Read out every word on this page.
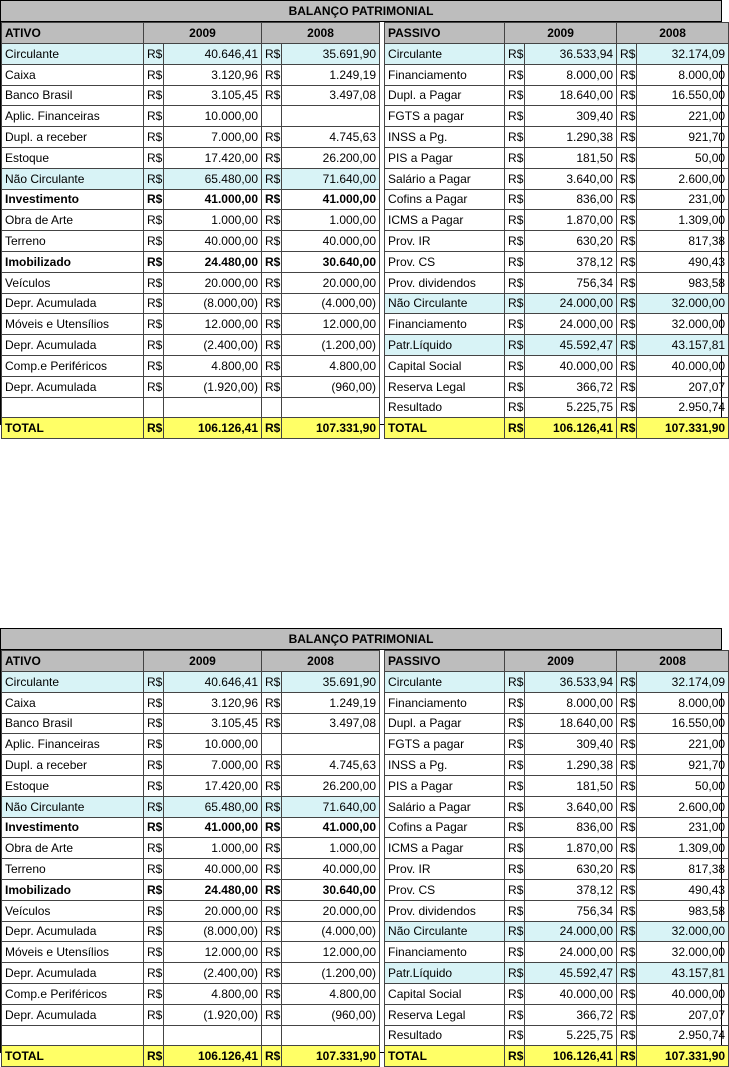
BALANÇO PATRIMONIAL
ATIVO	2009		2008	
Circulante	R$	40.646,41	R$	35.691,90
Caixa	R$	3.120,96	R$	1.249,19
Banco Brasil	R$	3.105,45	R$	3.497,08
Aplic. Financeiras	R$	10.000,00		
Dupl. a receber	R$	7.000,00	R$	4.745,63
Estoque	R$	17.420,00	R$	26.200,00
Não Circulante	R$	65.480,00	R$	71.640,00
Investimento	R$	41.000,00	R$	41.000,00
Obra de Arte	R$	1.000,00	R$	1.000,00
Terreno	R$	40.000,00	R$	40.000,00
Imobilizado	R$	24.480,00	R$	30.640,00
Veículos	R$	20.000,00	R$	20.000,00
Depr. Acumulada	R$	(8.000,00)	R$	(4.000,00)
Móveis e Utensílios	R$	12.000,00	R$	12.000,00
Depr. Acumulada	R$	(2.400,00)	R$	(1.200,00)
Comp.e Periféricos	R$	4.800,00	R$	4.800,00
Depr. Acumulada	R$	(1.920,00)	R$	(960,00)

TOTAL	R$	106.126,41	R$	107.331,90
PASSIVO	2009		2008	
Circulante	R$	36.533,94	R$	32.174,09
Financiamento	R$	8.000,00	R$	8.000,00
Dupl. a Pagar	R$	18.640,00	R$	16.550,00
FGTS a pagar	R$	309,40	R$	221,00
INSS a Pg.	R$	1.290,38	R$	921,70
PIS a Pagar	R$	181,50	R$	50,00
Salário a Pagar	R$	3.640,00	R$	2.600,00
Cofins a Pagar	R$	836,00	R$	231,00
ICMS a Pagar	R$	1.870,00	R$	1.309,00
Prov. IR	R$	630,20	R$	817,38
Prov. CS	R$	378,12	R$	490,43
Prov. dividendos	R$	756,34	R$	983,58
Não Circulante	R$	24.000,00	R$	32.000,00
Financiamento	R$	24.000,00	R$	32.000,00
Patr.Líquido	R$	45.592,47	R$	43.157,81
Capital Social	R$	40.000,00	R$	40.000,00
Reserva Legal	R$	366,72	R$	207,07
Resultado	R$	5.225,75	R$	2.950,74
TOTAL	R$	106.126,41	R$	107.331,90
BALANÇO PATRIMONIAL
ATIVO	2009		2008	
Circulante	R$	40.646,41	R$	35.691,90
Caixa	R$	3.120,96	R$	1.249,19
Banco Brasil	R$	3.105,45	R$	3.497,08
Aplic. Financeiras	R$	10.000,00		
Dupl. a receber	R$	7.000,00	R$	4.745,63
Estoque	R$	17.420,00	R$	26.200,00
Não Circulante	R$	65.480,00	R$	71.640,00
Investimento	R$	41.000,00	R$	41.000,00
Obra de Arte	R$	1.000,00	R$	1.000,00
Terreno	R$	40.000,00	R$	40.000,00
Imobilizado	R$	24.480,00	R$	30.640,00
Veículos	R$	20.000,00	R$	20.000,00
Depr. Acumulada	R$	(8.000,00)	R$	(4.000,00)
Móveis e Utensílios	R$	12.000,00	R$	12.000,00
Depr. Acumulada	R$	(2.400,00)	R$	(1.200,00)
Comp.e Periféricos	R$	4.800,00	R$	4.800,00
Depr. Acumulada	R$	(1.920,00)	R$	(960,00)

TOTAL	R$	106.126,41	R$	107.331,90
PASSIVO	2009		2008	
Circulante	R$	36.533,94	R$	32.174,09
Financiamento	R$	8.000,00	R$	8.000,00
Dupl. a Pagar	R$	18.640,00	R$	16.550,00
FGTS a pagar	R$	309,40	R$	221,00
INSS a Pg.	R$	1.290,38	R$	921,70
PIS a Pagar	R$	181,50	R$	50,00
Salário a Pagar	R$	3.640,00	R$	2.600,00
Cofins a Pagar	R$	836,00	R$	231,00
ICMS a Pagar	R$	1.870,00	R$	1.309,00
Prov. IR	R$	630,20	R$	817,38
Prov. CS	R$	378,12	R$	490,43
Prov. dividendos	R$	756,34	R$	983,58
Não Circulante	R$	24.000,00	R$	32.000,00
Financiamento	R$	24.000,00	R$	32.000,00
Patr.Líquido	R$	45.592,47	R$	43.157,81
Capital Social	R$	40.000,00	R$	40.000,00
Reserva Legal	R$	366,72	R$	207,07
Resultado	R$	5.225,75	R$	2.950,74
TOTAL	R$	106.126,41	R$	107.331,90
